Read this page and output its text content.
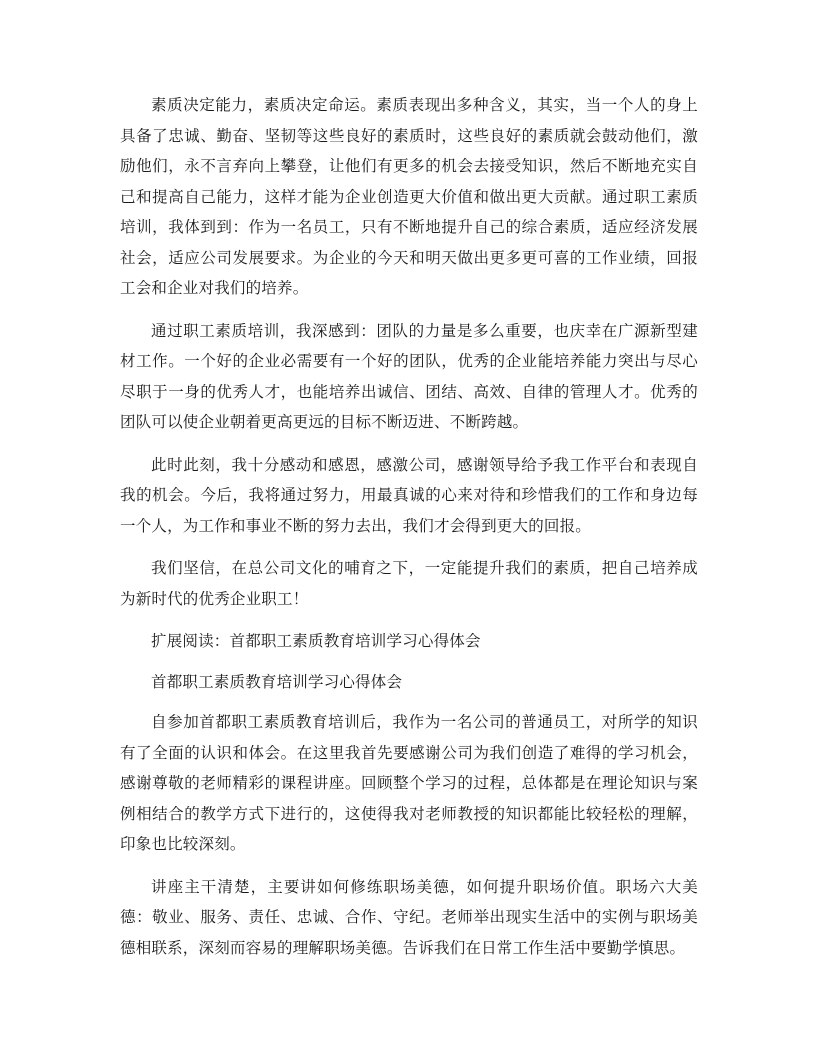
素质决定能力，素质决定命运。素质表现出多种含义，其实，当一个人的身上具备了忠诚、勤奋、坚韧等这些良好的素质时，这些良好的素质就会鼓动他们，激励他们，永不言弃向上攀登，让他们有更多的机会去接受知识，然后不断地充实自己和提高自己能力，这样才能为企业创造更大价值和做出更大贡献。通过职工素质培训，我体到到：作为一名员工，只有不断地提升自己的综合素质，适应经济发展社会，适应公司发展要求。为企业的今天和明天做出更多更可喜的工作业绩，回报工会和企业对我们的培养。

通过职工素质培训，我深感到：团队的力量是多么重要，也庆幸在广源新型建材工作。一个好的企业必需要有一个好的团队，优秀的企业能培养能力突出与尽心尽职于一身的优秀人才，也能培养出诚信、团结、高效、自律的管理人才。优秀的团队可以使企业朝着更高更远的目标不断迈进、不断跨越。

此时此刻，我十分感动和感恩，感激公司，感谢领导给予我工作平台和表现自我的机会。今后，我将通过努力，用最真诚的心来对待和珍惜我们的工作和身边每一个人，为工作和事业不断的努力去出，我们才会得到更大的回报。

我们坚信，在总公司文化的哺育之下，一定能提升我们的素质，把自己培养成为新时代的优秀企业职工！

扩展阅读：首都职工素质教育培训学习心得体会

首都职工素质教育培训学习心得体会

自参加首都职工素质教育培训后，我作为一名公司的普通员工，对所学的知识有了全面的认识和体会。在这里我首先要感谢公司为我们创造了难得的学习机会，感谢尊敬的老师精彩的课程讲座。回顾整个学习的过程，总体都是在理论知识与案例相结合的教学方式下进行的，这使得我对老师教授的知识都能比较轻松的理解，印象也比较深刻。

讲座主干清楚，主要讲如何修练职场美德，如何提升职场价值。职场六大美德：敬业、服务、责任、忠诚、合作、守纪。老师举出现实生活中的实例与职场美德相联系，深刻而容易的理解职场美德。告诉我们在日常工作生活中要勤学慎思。
